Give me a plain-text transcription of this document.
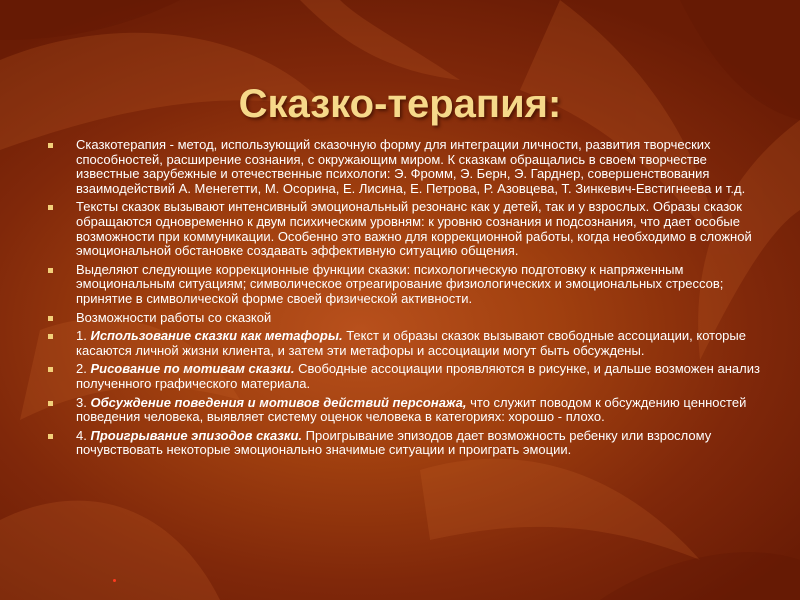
Сказко-терапия:
Сказкотерапия - метод, использующий сказочную форму для интеграции личности, развития творческих способностей, расширение сознания, с окружающим миром. К сказкам обращались в своем творчестве известные зарубежные и отечественные психологи: Э. Фромм, Э. Берн, Э. Гарднер, совершенствования взаимодействий А. Менегетти, М. Осорина, Е. Лисина, Е. Петрова, Р. Азовцева, Т. Зинкевич-Евстигнеева и т.д.
Тексты сказок вызывают интенсивный эмоциональный резонанс как у детей, так и у взрослых. Образы сказок обращаются одновременно к двум психическим уровням: к уровню сознания и подсознания, что дает особые возможности при коммуникации. Особенно это важно для коррекционной работы, когда необходимо в сложной эмоциональной обстановке создавать эффективную ситуацию общения.
Выделяют следующие коррекционные функции сказки: психологическую подготовку к напряженным эмоциональным ситуациям; символическое отреагирование физиологических и эмоциональных стрессов; принятие в символической форме своей физической активности.
Возможности работы со сказкой
1. Использование сказки как метафоры. Текст и образы сказок вызывают свободные ассоциации, которые касаются личной жизни клиента, и затем эти метафоры и ассоциации могут быть обсуждены.
2. Рисование по мотивам сказки. Свободные ассоциации проявляются в рисунке, и дальше возможен анализ полученного графического материала.
3. Обсуждение поведения и мотивов действий персонажа, что служит поводом к обсуждению ценностей поведения человека, выявляет систему оценок человека в категориях: хорошо - плохо.
4. Проигрывание эпизодов сказки. Проигрывание эпизодов дает возможность ребенку или взрослому почувствовать некоторые эмоционально значимые ситуации и проиграть эмоции.
